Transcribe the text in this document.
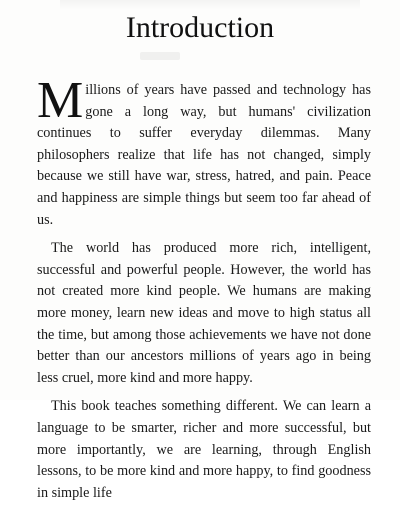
Introduction

Millions of years have passed and technology has gone a long way, but humans' civilization continues to suffer everyday dilemmas. Many philosophers realize that life has not changed, simply because we still have war, stress, hatred, and pain. Peace and happiness are simple things but seem too far ahead of us.

The world has produced more rich, intelligent, successful and powerful people. However, the world has not created more kind people. We humans are making more money, learn new ideas and move to high status all the time, but among those achievements we have not done better than our ancestors millions of years ago in being less cruel, more kind and more happy.

This book teaches something different. We can learn a language to be smarter, richer and more successful, but more importantly, we are learning, through English lessons, to be more kind and more happy, to find goodness in simple life
